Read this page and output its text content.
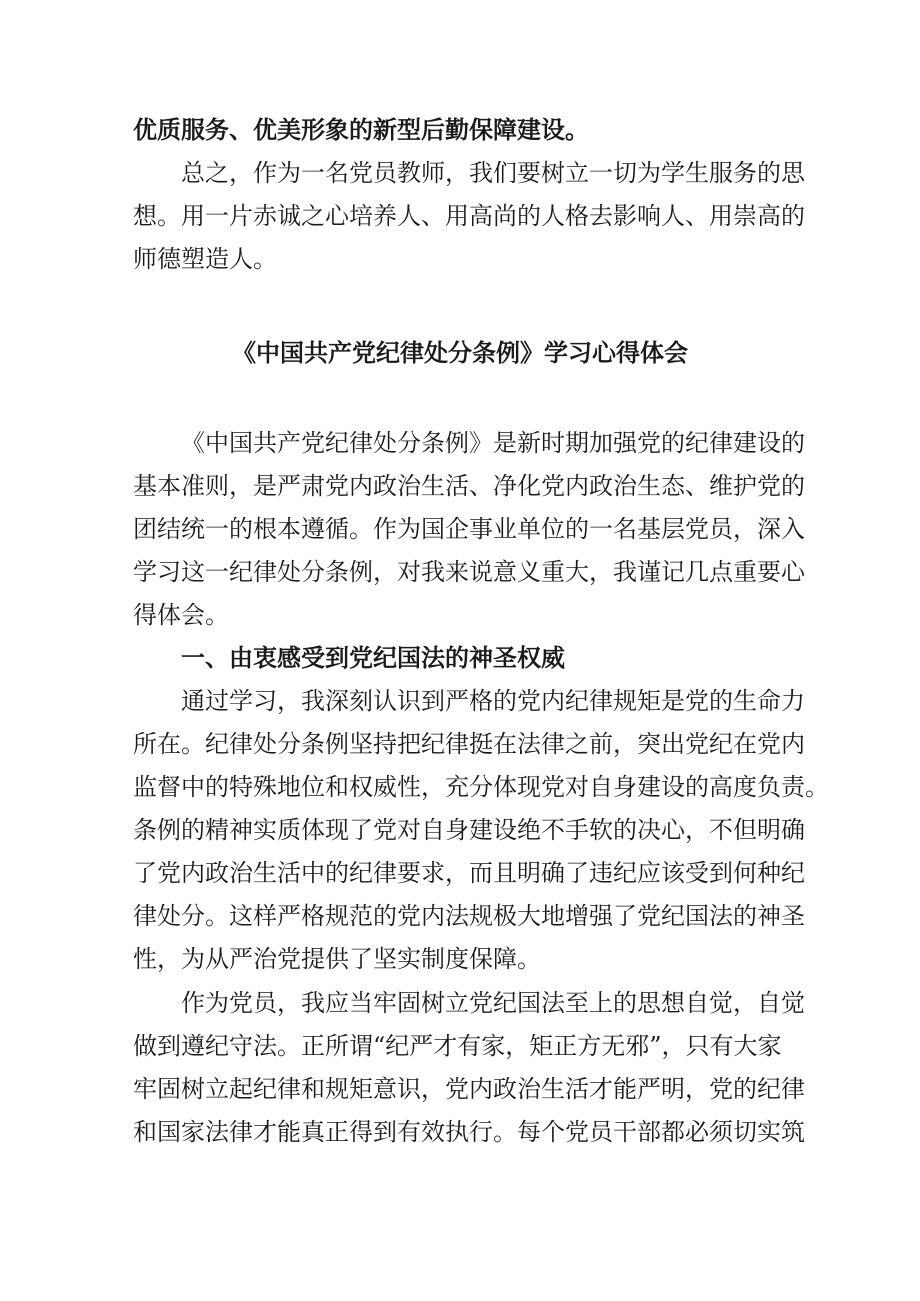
优质服务、优美形象的新型后勤保障建设。
总之，作为一名党员教师，我们要树立一切为学生服务的思
想。用一片赤诚之心培养人、用高尚的人格去影响人、用崇高的
师德塑造人。
《中国共产党纪律处分条例》学习心得体会
《中国共产党纪律处分条例》是新时期加强党的纪律建设的
基本准则，是严肃党内政治生活、净化党内政治生态、维护党的
团结统一的根本遵循。作为国企事业单位的一名基层党员，深入
学习这一纪律处分条例，对我来说意义重大，我谨记几点重要心
得体会。
一、由衷感受到党纪国法的神圣权威
通过学习，我深刻认识到严格的党内纪律规矩是党的生命力
所在。纪律处分条例坚持把纪律挺在法律之前，突出党纪在党内
监督中的特殊地位和权威性，充分体现党对自身建设的高度负责。
条例的精神实质体现了党对自身建设绝不手软的决心，不但明确
了党内政治生活中的纪律要求，而且明确了违纪应该受到何种纪
律处分。这样严格规范的党内法规极大地增强了党纪国法的神圣
性，为从严治党提供了坚实制度保障。
作为党员，我应当牢固树立党纪国法至上的思想自觉，自觉
做到遵纪守法。正所谓“纪严才有家，矩正方无邪”，只有大家
牢固树立起纪律和规矩意识，党内政治生活才能严明，党的纪律
和国家法律才能真正得到有效执行。每个党员干部都必须切实筑
